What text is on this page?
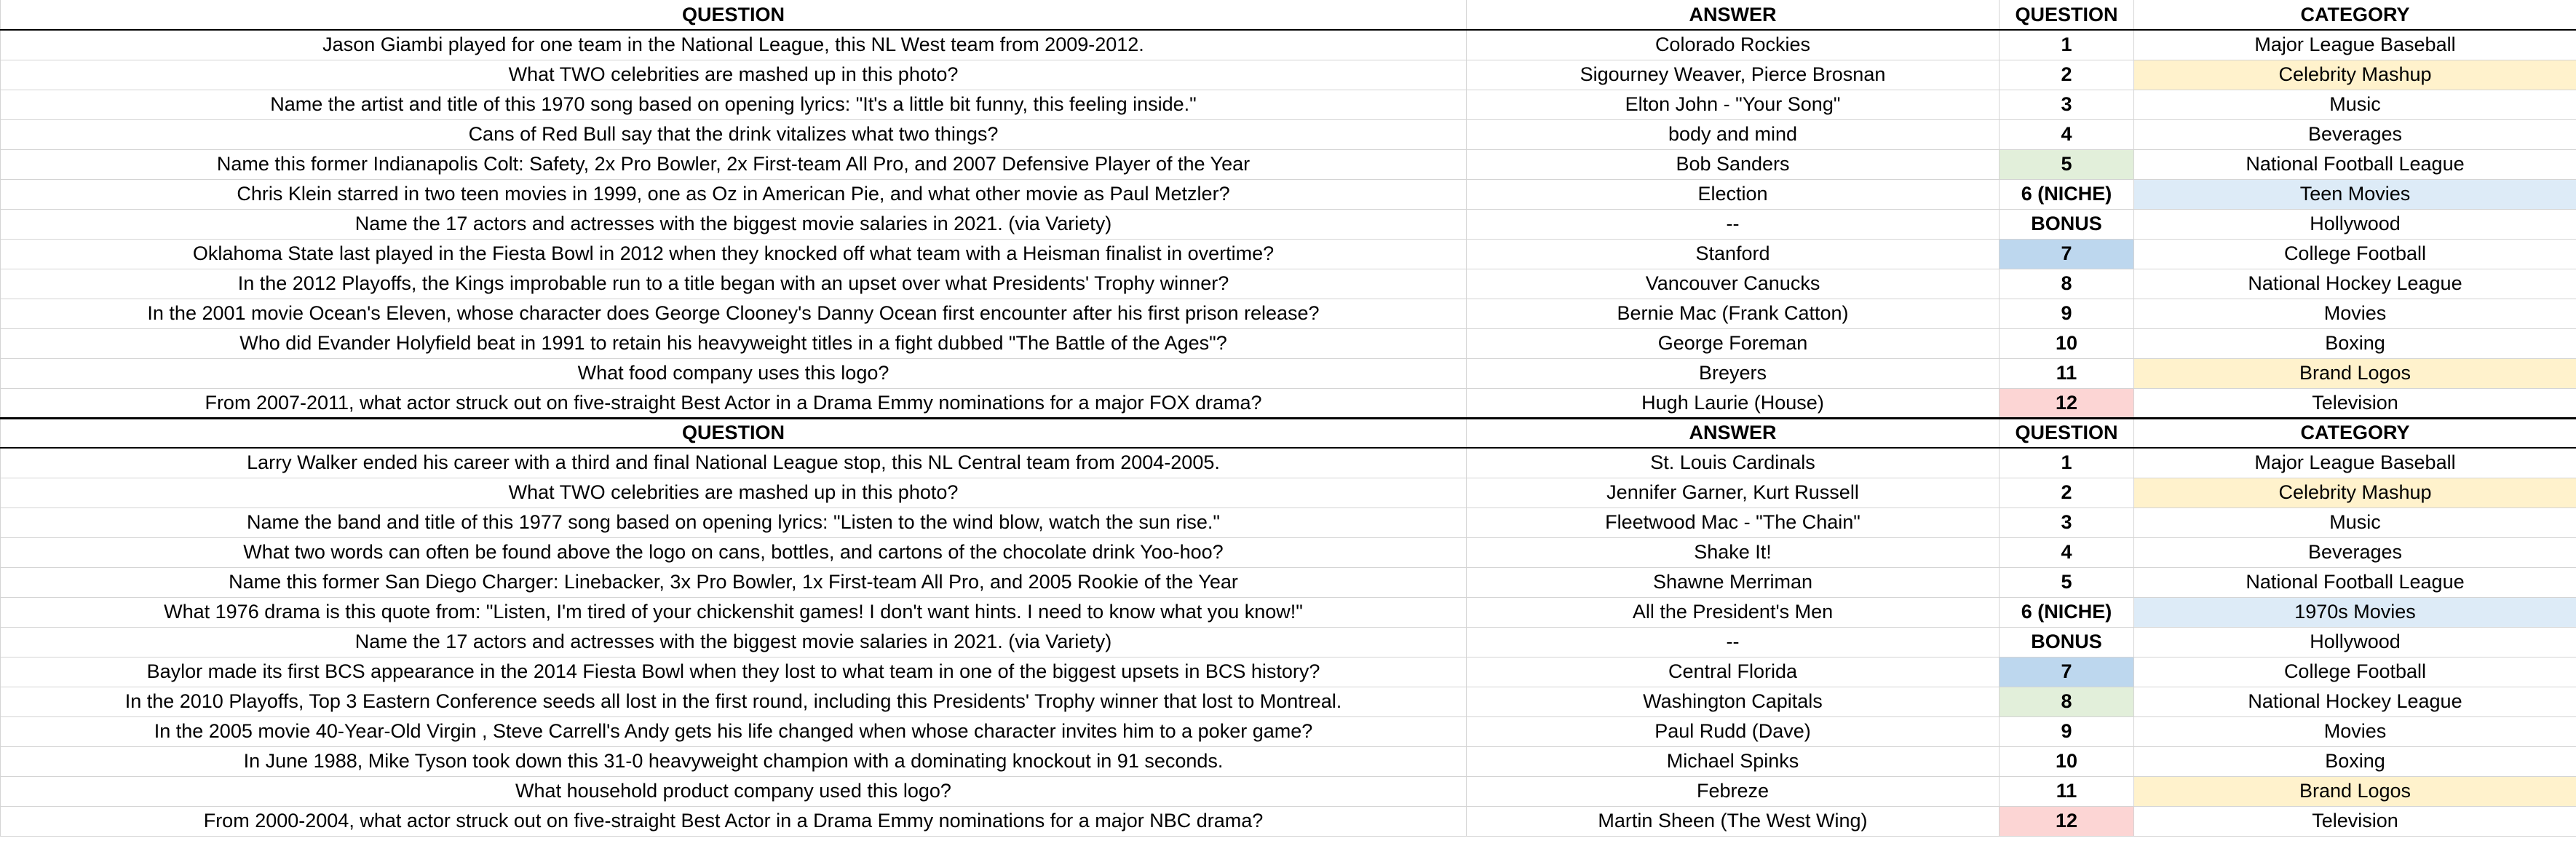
QUESTION	ANSWER	QUESTION	CATEGORY
Jason Giambi played for one team in the National League, this NL West team from 2009-2012.	Colorado Rockies	1	Major League Baseball
What TWO celebrities are mashed up in this photo?	Sigourney Weaver, Pierce Brosnan	2	Celebrity Mashup
Name the artist and title of this 1970 song based on opening lyrics: "It's a little bit funny, this feeling inside."	Elton John - "Your Song"	3	Music
Cans of Red Bull say that the drink vitalizes what two things?	body and mind	4	Beverages
Name this former Indianapolis Colt: Safety, 2x Pro Bowler, 2x First-team All Pro, and 2007 Defensive Player of the Year	Bob Sanders	5	National Football League
Chris Klein starred in two teen movies in 1999, one as Oz in American Pie, and what other movie as Paul Metzler?	Election	6 (NICHE)	Teen Movies
Name the 17 actors and actresses with the biggest movie salaries in 2021. (via Variety)	--	BONUS	Hollywood
Oklahoma State last played in the Fiesta Bowl in 2012 when they knocked off what team with a Heisman finalist in overtime?	Stanford	7	College Football
In the 2012 Playoffs, the Kings improbable run to a title began with an upset over what Presidents' Trophy winner?	Vancouver Canucks	8	National Hockey League
In the 2001 movie Ocean's Eleven, whose character does George Clooney's Danny Ocean first encounter after his first prison release?	Bernie Mac (Frank Catton)	9	Movies
Who did Evander Holyfield beat in 1991 to retain his heavyweight titles in a fight dubbed "The Battle of the Ages"?	George Foreman	10	Boxing
What food company uses this logo?	Breyers	11	Brand Logos
From 2007-2011, what actor struck out on five-straight Best Actor in a Drama Emmy nominations for a major FOX drama?	Hugh Laurie (House)	12	Television
QUESTION	ANSWER	QUESTION	CATEGORY
Larry Walker ended his career with a third and final National League stop, this NL Central team from 2004-2005.	St. Louis Cardinals	1	Major League Baseball
What TWO celebrities are mashed up in this photo?	Jennifer Garner, Kurt Russell	2	Celebrity Mashup
Name the band and title of this 1977 song based on opening lyrics: "Listen to the wind blow, watch the sun rise."	Fleetwood Mac - "The Chain"	3	Music
What two words can often be found above the logo on cans, bottles, and cartons of the chocolate drink Yoo-hoo?	Shake It!	4	Beverages
Name this former San Diego Charger: Linebacker, 3x Pro Bowler, 1x First-team All Pro, and 2005 Rookie of the Year	Shawne Merriman	5	National Football League
What 1976 drama is this quote from: "Listen, I'm tired of your chickenshit games! I don't want hints. I need to know what you know!"	All the President's Men	6 (NICHE)	1970s Movies
Name the 17 actors and actresses with the biggest movie salaries in 2021. (via Variety)	--	BONUS	Hollywood
Baylor made its first BCS appearance in the 2014 Fiesta Bowl when they lost to what team in one of the biggest upsets in BCS history?	Central Florida	7	College Football
In the 2010 Playoffs, Top 3 Eastern Conference seeds all lost in the first round, including this Presidents' Trophy winner that lost to Montreal.	Washington Capitals	8	National Hockey League
In the 2005 movie 40-Year-Old Virgin , Steve Carrell's Andy gets his life changed when whose character invites him to a poker game?	Paul Rudd (Dave)	9	Movies
In June 1988, Mike Tyson took down this 31-0 heavyweight champion with a dominating knockout in 91 seconds.	Michael Spinks	10	Boxing
What household product company used this logo?	Febreze	11	Brand Logos
From 2000-2004, what actor struck out on five-straight Best Actor in a Drama Emmy nominations for a major NBC drama?	Martin Sheen (The West Wing)	12	Television
